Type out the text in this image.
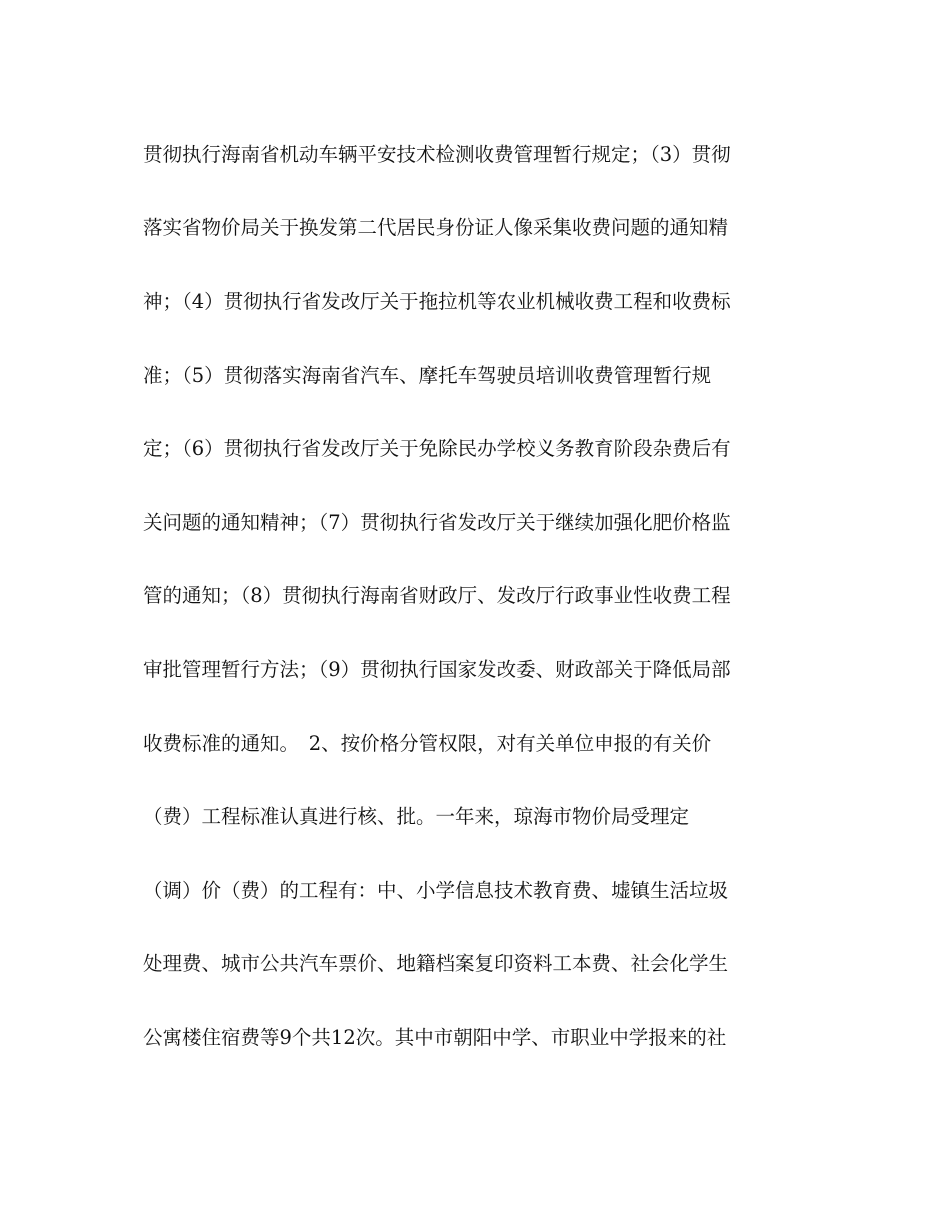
贯彻执行海南省机动车辆平安技术检测收费管理暂行规定；（3）贯彻
落实省物价局关于换发第二代居民身份证人像采集收费问题的通知精
神；（4）贯彻执行省发改厅关于拖拉机等农业机械收费工程和收费标
准；（5）贯彻落实海南省汽车、摩托车驾驶员培训收费管理暂行规
定；（6）贯彻执行省发改厅关于免除民办学校义务教育阶段杂费后有
关问题的通知精神；（7）贯彻执行省发改厅关于继续加强化肥价格监
管的通知；（8）贯彻执行海南省财政厅、发改厅行政事业性收费工程
审批管理暂行方法；（9）贯彻执行国家发改委、财政部关于降低局部
收费标准的通知。　2、按价格分管权限，对有关单位申报的有关价
（费）工程标准认真进行核、批。一年来，琼海市物价局受理定
（调）价（费）的工程有：中、小学信息技术教育费、墟镇生活垃圾
处理费、城市公共汽车票价、地籍档案复印资料工本费、社会化学生
公寓楼住宿费等9个共12次。其中市朝阳中学、市职业中学报来的社
